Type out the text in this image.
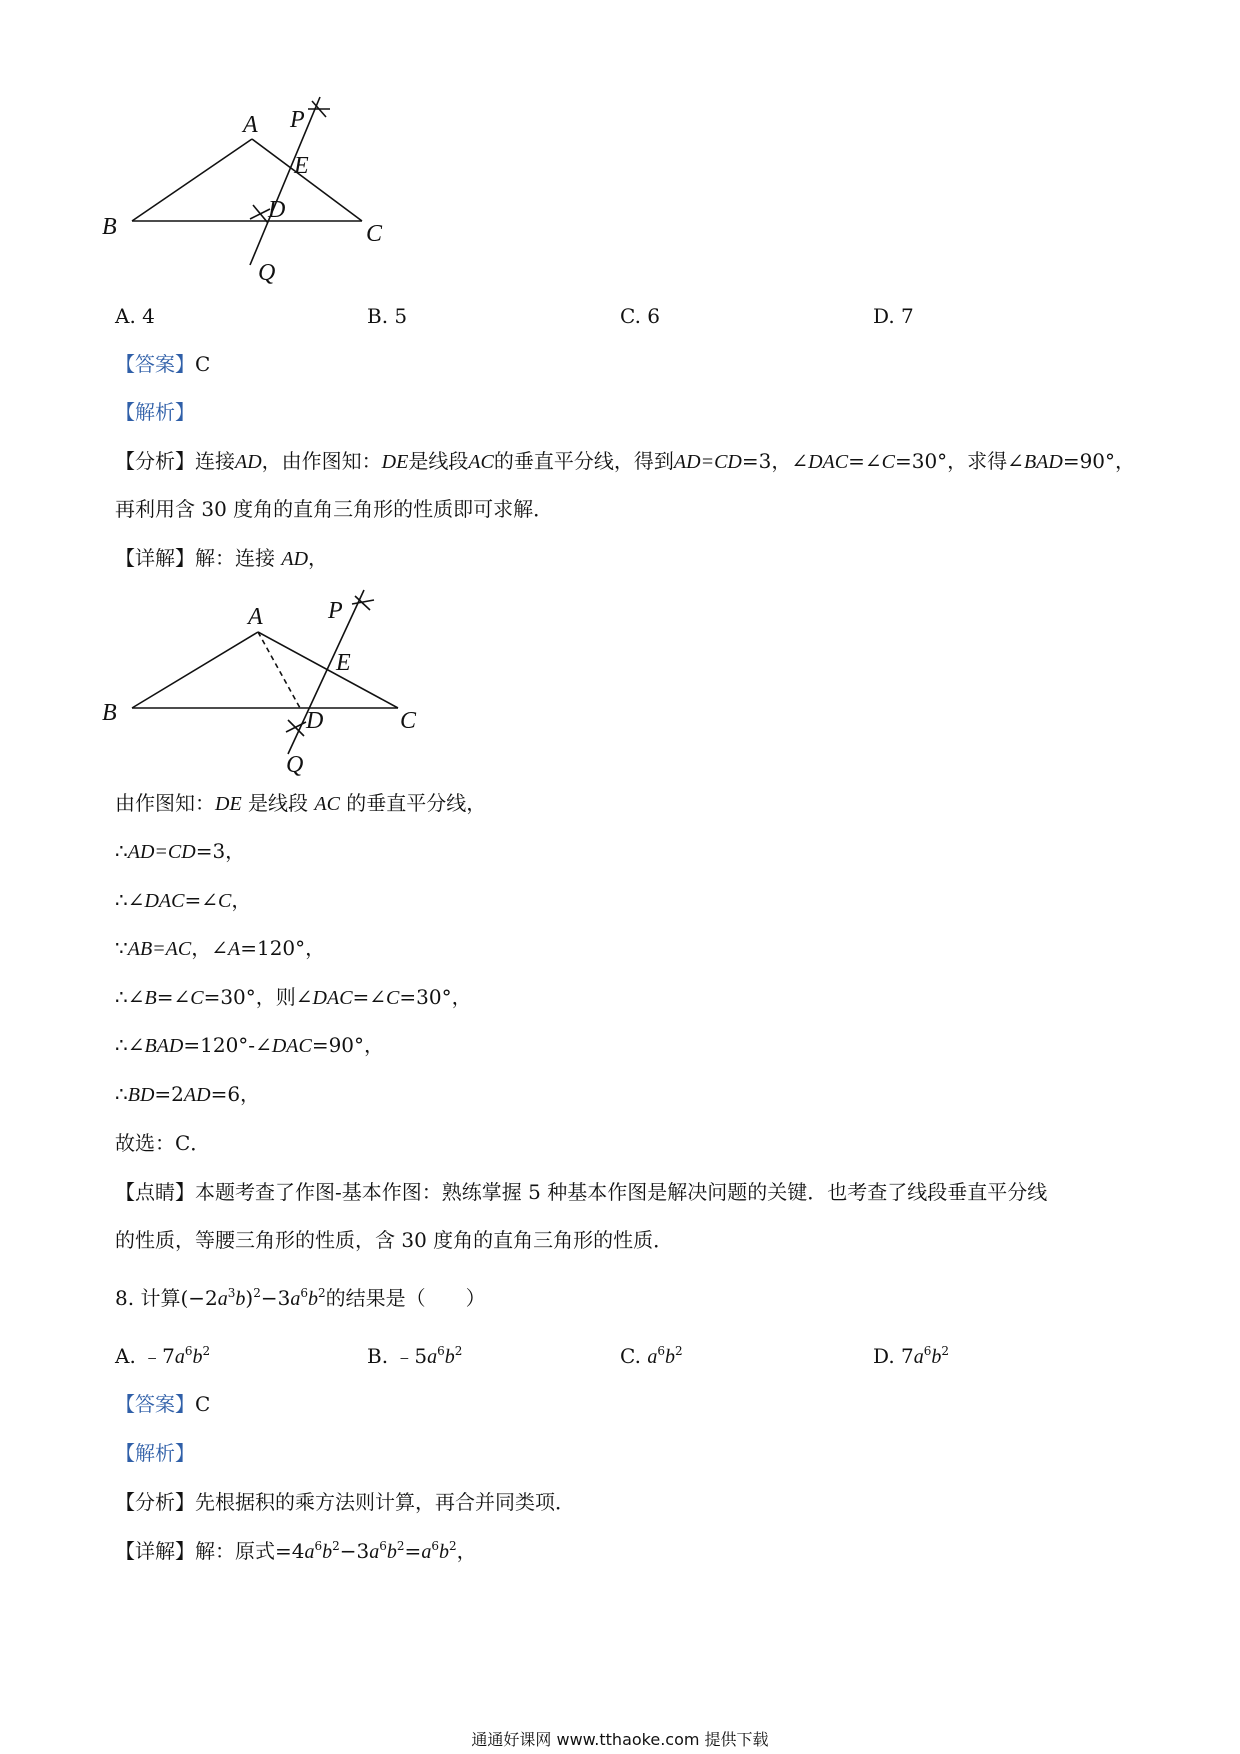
A
B	C
D
E
P
Q
A. 4	B. 5	C. 6	D. 7
【答案】C
【解析】
【分析】连接AD，由作图知：DE是线段AC的垂直平分线，得到AD=CD=3，∠DAC=∠C=30°，求得∠BAD=90°，
再利用含 30 度角的直角三角形的性质即可求解．
【详解】解：连接 AD，
A
B	C
D
E
P
Q
由作图知：DE 是线段 AC 的垂直平分线，
∴AD=CD=3，
∴∠DAC=∠C，
∵AB=AC，∠A=120°，
∴∠B=∠C=30°，则∠DAC=∠C=30°，
∴∠BAD=120°-∠DAC=90°，
∴BD=2AD=6，
故选：C．
【点睛】本题考查了作图-基本作图：熟练掌握 5 种基本作图是解决问题的关键．也考查了线段垂直平分线
的性质，等腰三角形的性质，含 30 度角的直角三角形的性质．
8. 计算$(-2a^3b)^2-3a^6b^2$的结果是（　　）
A. $﹣7a^6b^2$	B. $﹣5a^6b^2$	C. $a^6b^2$	D. $7a^6b^2$
【答案】C
【解析】
【分析】先根据积的乘方法则计算，再合并同类项．
【详解】解：原式$=4a^6b^2-3a^6b^2=a^6b^2$，
通通好课网 www.tthaoke.com 提供下载
